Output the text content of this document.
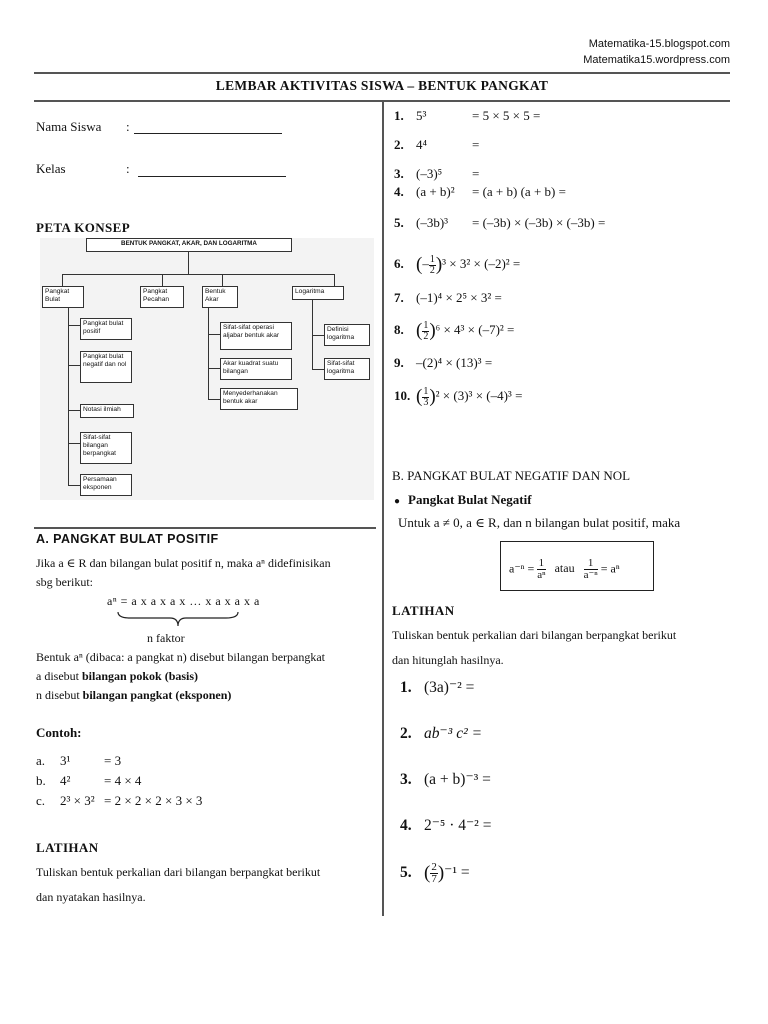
Matematika-15.blogspot.com
Matematika15.wordpress.com
LEMBAR AKTIVITAS SISWA – BENTUK PANGKAT
Nama Siswa :
Kelas	:
PETA KONSEP
BENTUK PANGKAT, AKAR, DAN LOGARITMA
Pangkat Bulat
Pangkat Pecahan
Bentuk Akar
Logaritma
Pangkat bulat positif
Pangkat bulat negatif dan nol
Notasi ilmiah
Sifat-sifat bilangan berpangkat
Persamaan eksponen
Sifat-sifat operasi aljabar bentuk akar
Akar kuadrat suatu bilangan
Menyederhanakan bentuk akar
Definisi logaritma
Sifat-sifat logaritma
A. PANGKAT BULAT POSITIF
Jika a ∈ R dan bilangan bulat positif n, maka aⁿ didefinisikan
sbg berikut:
aⁿ = a x a x a x … x a x a x a
n faktor
Bentuk aⁿ (dibaca: a pangkat n) disebut bilangan berpangkat
a disebut bilangan pokok (basis)
n disebut bilangan pangkat (eksponen)
Contoh:
a. 3¹	= 3
b. 4²	= 4 × 4
c. 2³ × 3² = 2 × 2 × 2 × 3 × 3
LATIHAN
Tuliskan bentuk perkalian dari bilangan berpangkat berikut
dan nyatakan hasilnya.
1. 5³	= 5 × 5 × 5 =
2. 4⁴	=
3. (–3)⁵ =
4. (a + b)² = (a + b) (a + b) =
5. (–3b)³ = (–3b) × (–3b) × (–3b) =
6. (– $\frac{1}{2} )^3 \times 3^2 \times (-2)^2$ =
7. (–1)⁴ × 2⁵ × 3² =
8. ( $\frac{1}{2} )^6 \times 4^3 \times (-7)^2$ =
9. –(2)⁴ × (13)³ =
10. ( $\frac{1}{3} )^2 \times (3)^3 \times (-4)^3$ =
B. PANGKAT BULAT NEGATIF DAN NOL
● Pangkat Bulat Negatif
Untuk a ≠ 0, a ∈ R, dan n bilangan bulat positif, maka
$a^{-n} = \frac{1}{\text{aⁿ}}$ atau $\frac{1}{\text{a⁻ⁿ}} = a^n$
LATIHAN
Tuliskan bentuk perkalian dari bilangan berpangkat berikut
dan hitunglah hasilnya.
1. (3a)⁻² =
2. ab⁻³ c² =
3. (a + b)⁻³ =
4. 2⁻⁵ · 4⁻² =
5. ( $\frac{2}{7} )^{-1}$ =
